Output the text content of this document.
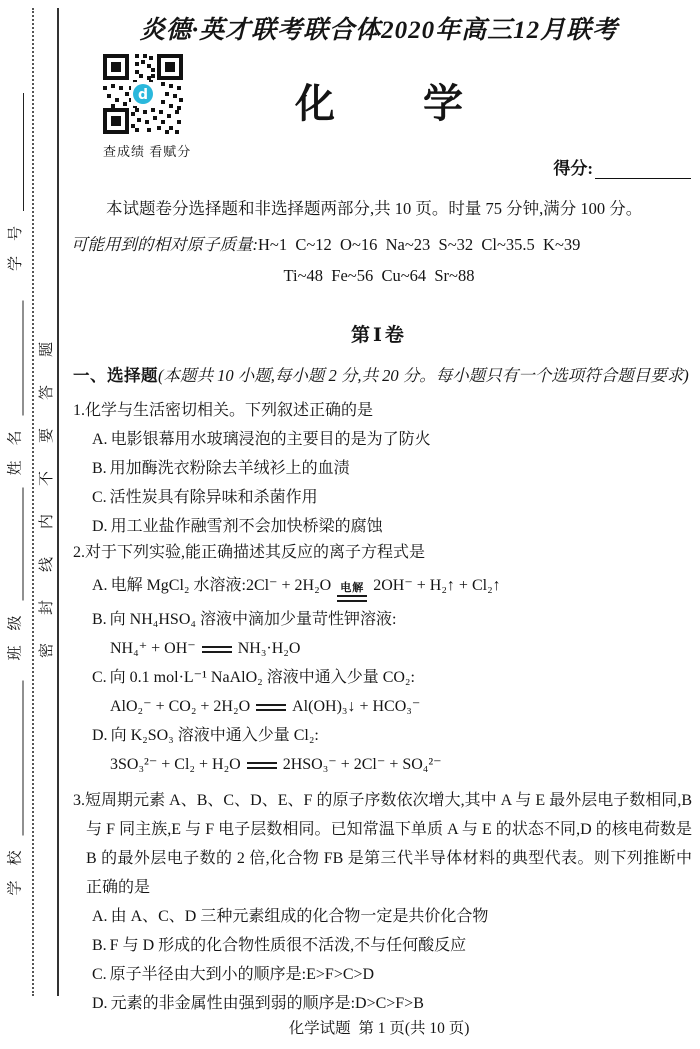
学号
姓名
班级
学校
密封线内不要答题
炎德·英才联考联合体2020年高三12月联考
d
查成绩 看赋分
化学
得分:

本试题卷分选择题和非选择题两部分,共 10 页。时量 75 分钟,满分 100 分。

可能用到的相对原子质量:H~1  C~12  O~16  Na~23  S~32  Cl~35.5  K~39

Ti~48  Fe~56  Cu~64  Sr~88

第Ⅰ卷

一、选择题(本题共 10 小题,每小题 2 分,共 20 分。每小题只有一个选项符合题目要求)

1.化学与生活密切相关。下列叙述正确的是

A. 电影银幕用水玻璃浸泡的主要目的是为了防火

B. 用加酶洗衣粉除去羊绒衫上的血渍

C. 活性炭具有除异味和杀菌作用

D. 用工业盐作融雪剂不会加快桥梁的腐蚀

2.对于下列实验,能正确描述其反应的离子方程式是

A. 电解 MgCl₂ 水溶液:2Cl⁻ + 2H₂O 电解 2OH⁻ + H₂↑ + Cl₂↑

B. 向 NH₄HSO₄ 溶液中滴加少量苛性钾溶液:

NH₄⁺ + OH⁻	NH₃·H₂O

C. 向 0.1 mol·L⁻¹ NaAlO₂ 溶液中通入少量 CO₂:

AlO₂⁻ + CO₂ + 2H₂O	Al(OH)₃↓ + HCO₃⁻

D. 向 K₂SO₃ 溶液中通入少量 Cl₂:

3SO₃²⁻ + Cl₂ + H₂O	2HSO₃⁻ + 2Cl⁻ + SO₄²⁻

3.短周期元素 A、B、C、D、E、F 的原子序数依次增大,其中 A 与 E 最外层电子数相同,B 与 F 同主族,E 与 F 电子层数相同。已知常温下单质 A 与 E 的状态不同,D 的核电荷数是 B 的最外层电子数的 2 倍,化合物 FB 是第三代半导体材料的典型代表。则下列推断中正确的是

A. 由 A、C、D 三种元素组成的化合物一定是共价化合物

B. F 与 D 形成的化合物性质很不活泼,不与任何酸反应

C. 原子半径由大到小的顺序是:E>F>C>D

D. 元素的非金属性由强到弱的顺序是:D>C>F>B

化学试题  第 1 页(共 10 页)
